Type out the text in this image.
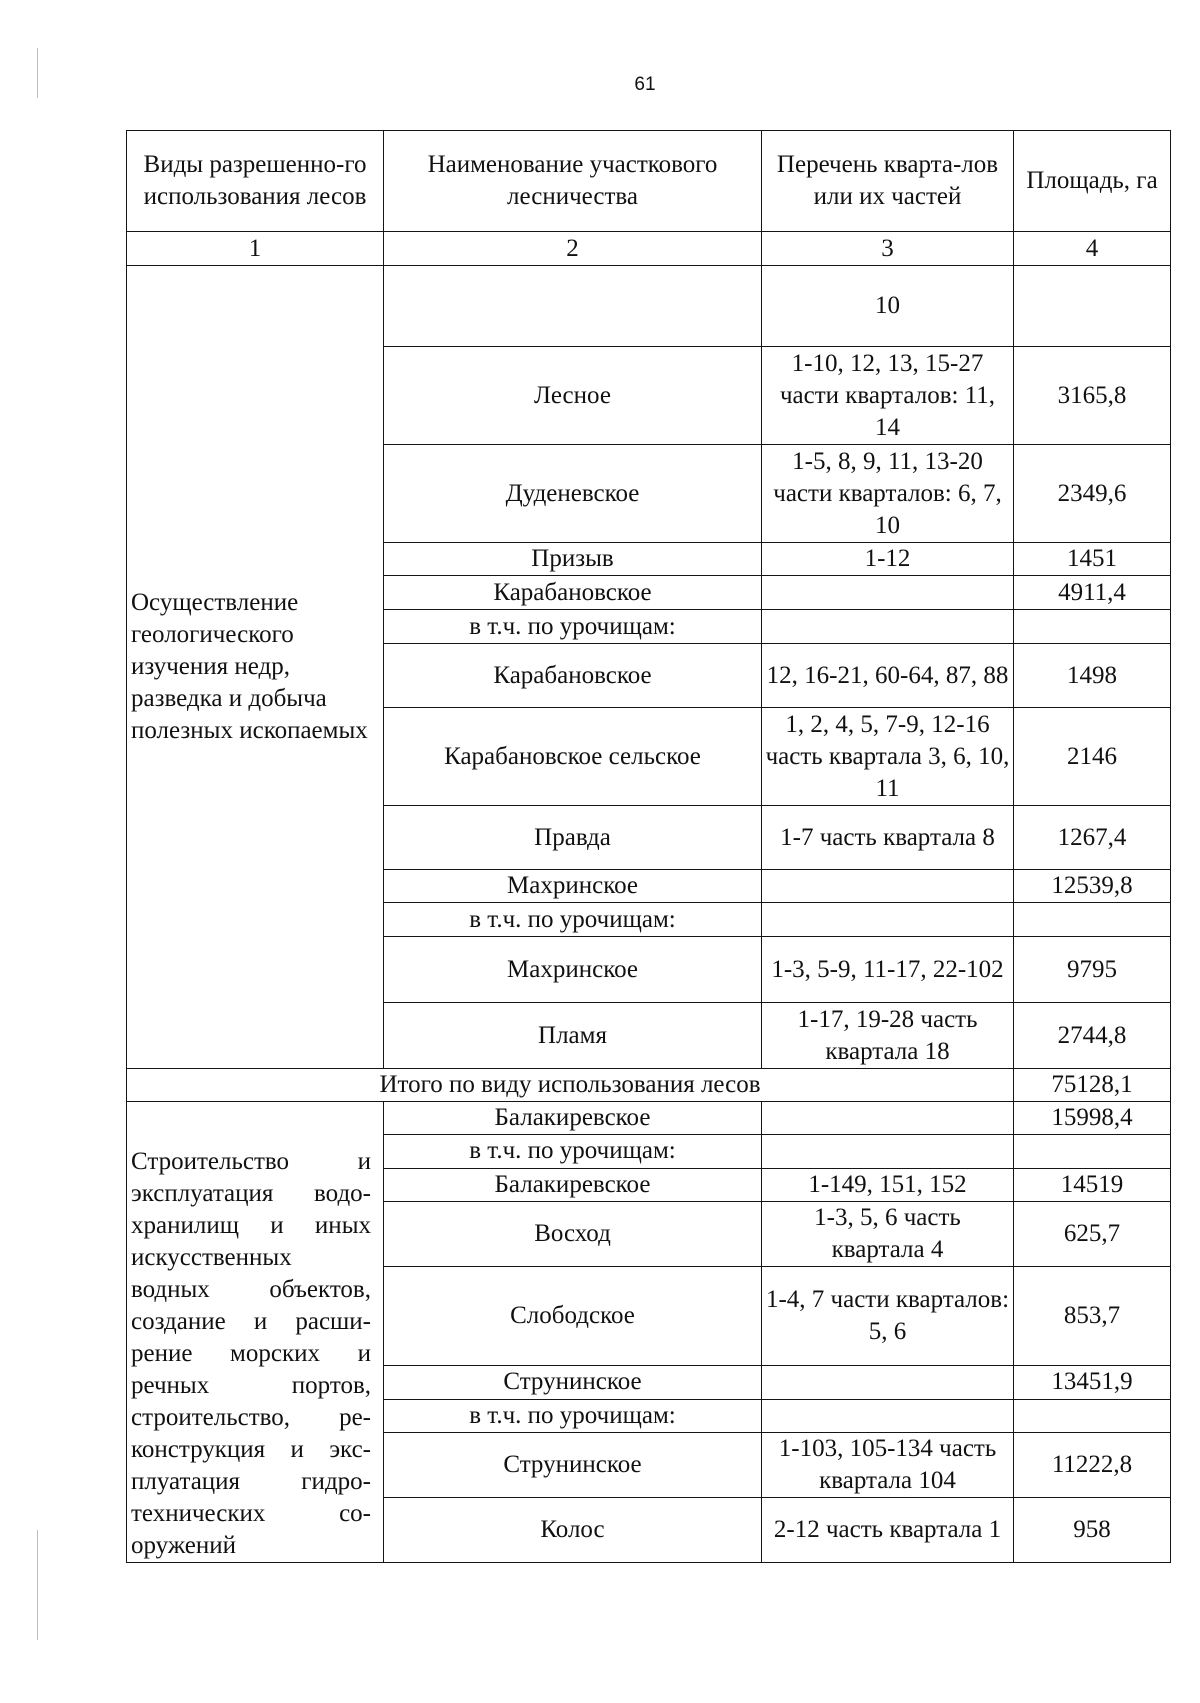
61
Виды разрешенно-го использования лесов	Наименование участкового лесничества	Перечень кварта-лов или их частей	Площадь, га
1	2	3	4

Осуществление геологического изучения недр, разведка и добыча полезных ископаемых		10	
	Лесное	1-10, 12, 13, 15-27 части кварталов: 11, 14	3165,8
	Дуденевское	1-5, 8, 9, 11, 13-20 части кварталов: 6, 7, 10	2349,6
	Призыв	1-12	1451
	Карабановское		4911,4
	в т.ч. по урочищам:		
	Карабановское	12, 16-21, 60-64, 87, 88	1498
	Карабановское сельское	1, 2, 4, 5, 7-9, 12-16 часть квартала 3, 6, 10, 11	2146
	Правда	1-7 часть квартала 8	1267,4
	Махринское		12539,8
	в т.ч. по урочищам:		
	Махринское	1-3, 5-9, 11-17, 22-102	9795
	Пламя	1-17, 19-28 часть квартала 18	2744,8
Итого по виду использования лесов			75128,1

Строительство и эксплуатация водо-хранилищ и иных искусственных водных объектов, создание и расши-рение морских и речных портов, строительство, ре-конструкция и экс-плуатация гидро-технических со-оружений	Балакиревское		15998,4
	в т.ч. по урочищам:		
	Балакиревское	1-149, 151, 152	14519
	Восход	1-3, 5, 6 часть квартала 4	625,7
	Слободское	1-4, 7 части кварталов: 5, 6	853,7
	Струнинское		13451,9
	в т.ч. по урочищам:		
	Струнинское	1-103, 105-134 часть квартала 104	11222,8
	Колос	2-12 часть квартала 1	958
